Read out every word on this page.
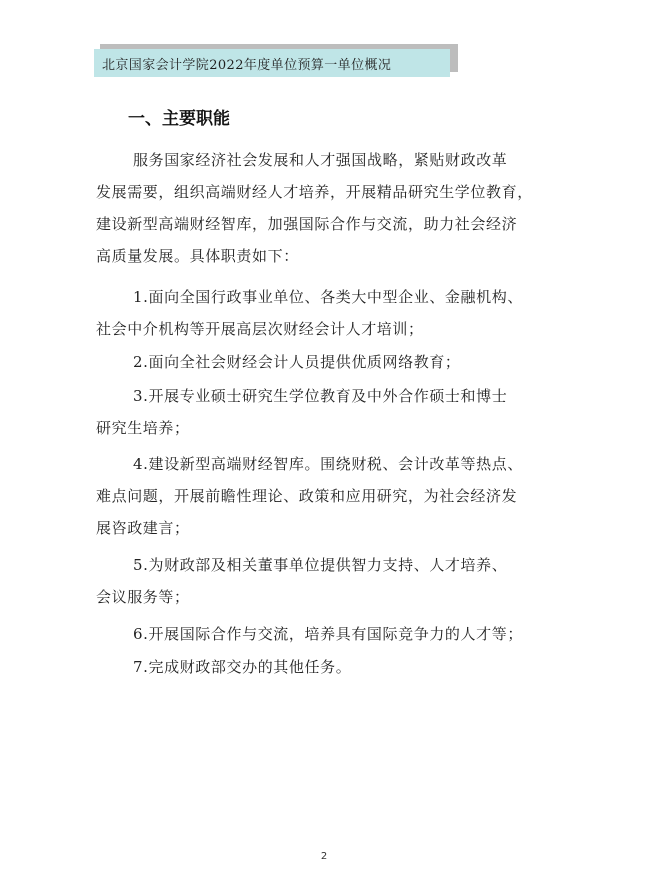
北京国家会计学院2022年度单位预算一单位概况
一、主要职能

服务国家经济社会发展和人才强国战略，紧贴财政改革
发展需要，组织高端财经人才培养，开展精品研究生学位教育，
建设新型高端财经智库，加强国际合作与交流，助力社会经济
高质量发展。具体职责如下：

1.面向全国行政事业单位、各类大中型企业、金融机构、
社会中介机构等开展高层次财经会计人才培训；

2.面向全社会财经会计人员提供优质网络教育；

3.开展专业硕士研究生学位教育及中外合作硕士和博士
研究生培养；

4.建设新型高端财经智库。围绕财税、会计改革等热点、
难点问题，开展前瞻性理论、政策和应用研究，为社会经济发
展咨政建言；

5.为财政部及相关董事单位提供智力支持、人才培养、
会议服务等；

6.开展国际合作与交流，培养具有国际竞争力的人才等；

7.完成财政部交办的其他任务。

2
